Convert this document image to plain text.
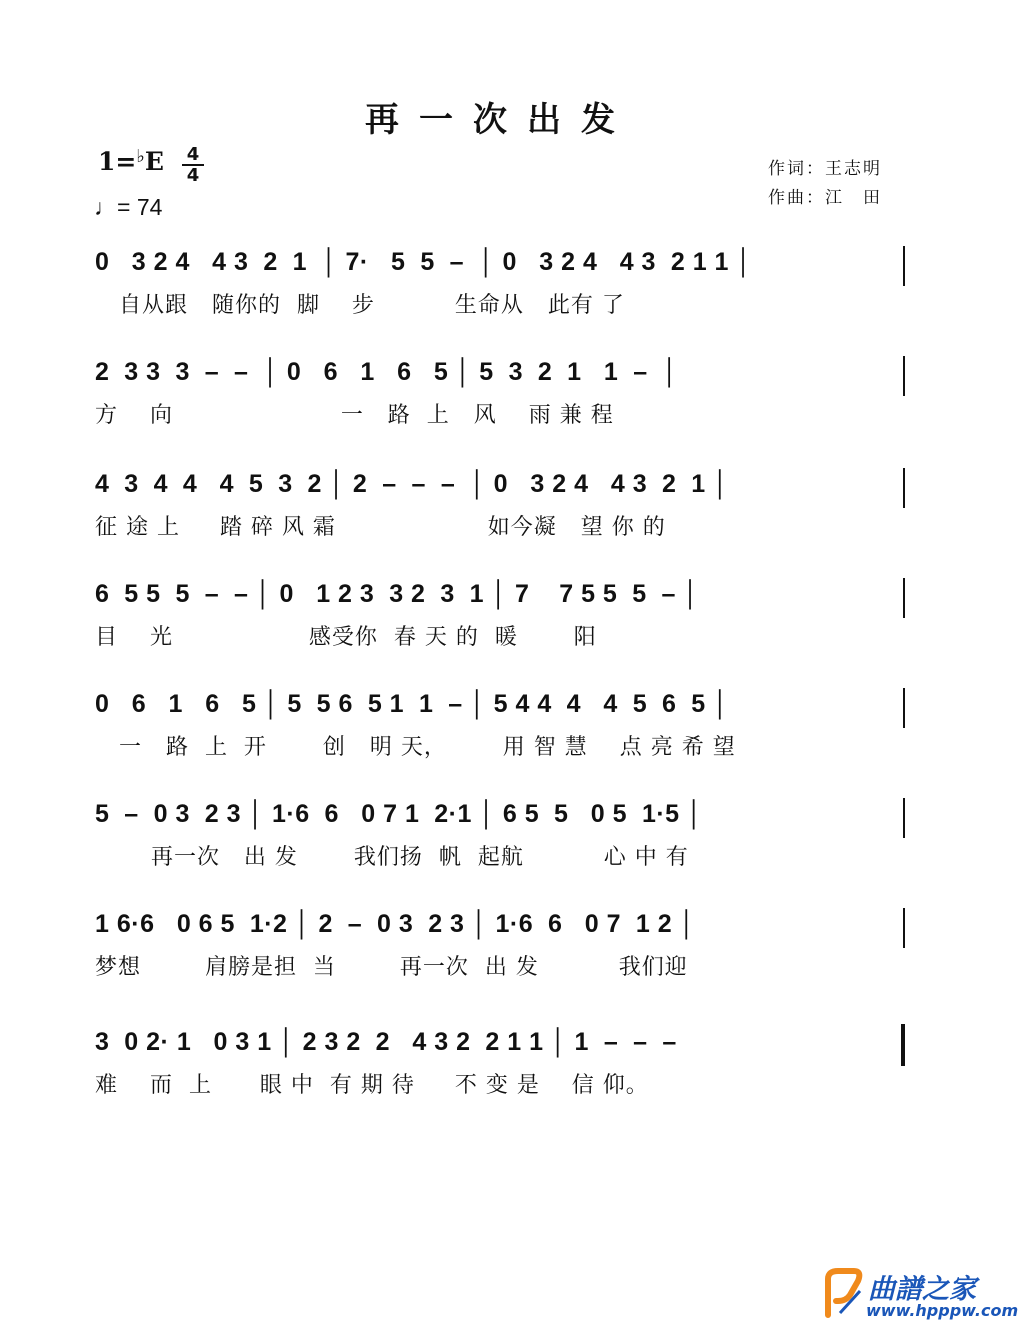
再一次出发
1=♭E 4
4
♩= 74
作词：王志明
作曲：江　田
0   3 2 4   4 3  2  1  │ 7·   5  5  –  │ 0   3 2 4   4 3  2 1 1 │
自从跟   随你的  脚    步          生命从   此有 了
2  3 3  3  –  –  │ 0   6   1   6   5 │ 5  3  2  1   1  –  │
方    向                     一   路  上   风    雨 兼 程
4  3  4  4   4  5  3  2 │ 2  –  –  –  │ 0   3 2 4   4 3  2  1 │
征 途 上     踏 碎 风 霜                   如今凝   望 你 的
6  5 5  5  –  – │ 0   1 2 3  3 2  3  1 │ 7    7 5 5  5  – │
目    光                 感受你  春 天 的  暖       阳
0   6   1   6   5 │ 5  5 6  5 1  1  – │ 5 4 4  4   4  5  6  5 │
一   路  上  开       创   明 天，       用 智 慧    点 亮 希 望
5  –  0 3  2 3 │ 1·6  6   0 7 1  2·1 │ 6 5  5   0 5  1·5 │
再一次   出 发       我们扬  帆  起航          心 中 有
1 6·6   0 6 5  1·2 │ 2  –  0 3  2 3 │ 1·6  6   0 7  1 2 │
梦想        肩膀是担  当        再一次  出 发          我们迎
3  0 2· 1   0 3 1 │ 2 3 2  2   4 3 2  2 1 1 │ 1  –  –  –
难    而  上      眼 中  有 期 待     不 变 是    信 仰。
曲譜之家
www.hpppw.com
